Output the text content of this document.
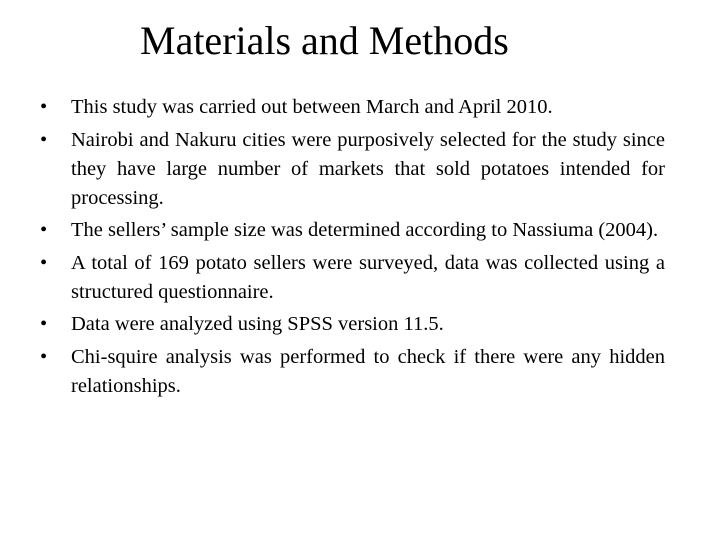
Materials and Methods
•	This study was carried out between March and April 2010.
•	Nairobi and Nakuru cities were purposively selected for the study since they have large number of markets that sold potatoes intended for processing.
•	The sellers’ sample size was determined according to Nassiuma (2004).
•	A total of 169 potato sellers were surveyed, data was collected using a structured questionnaire.
•	Data were analyzed using SPSS version 11.5.
•	Chi-squire analysis was performed to check if there were any hidden relationships.
